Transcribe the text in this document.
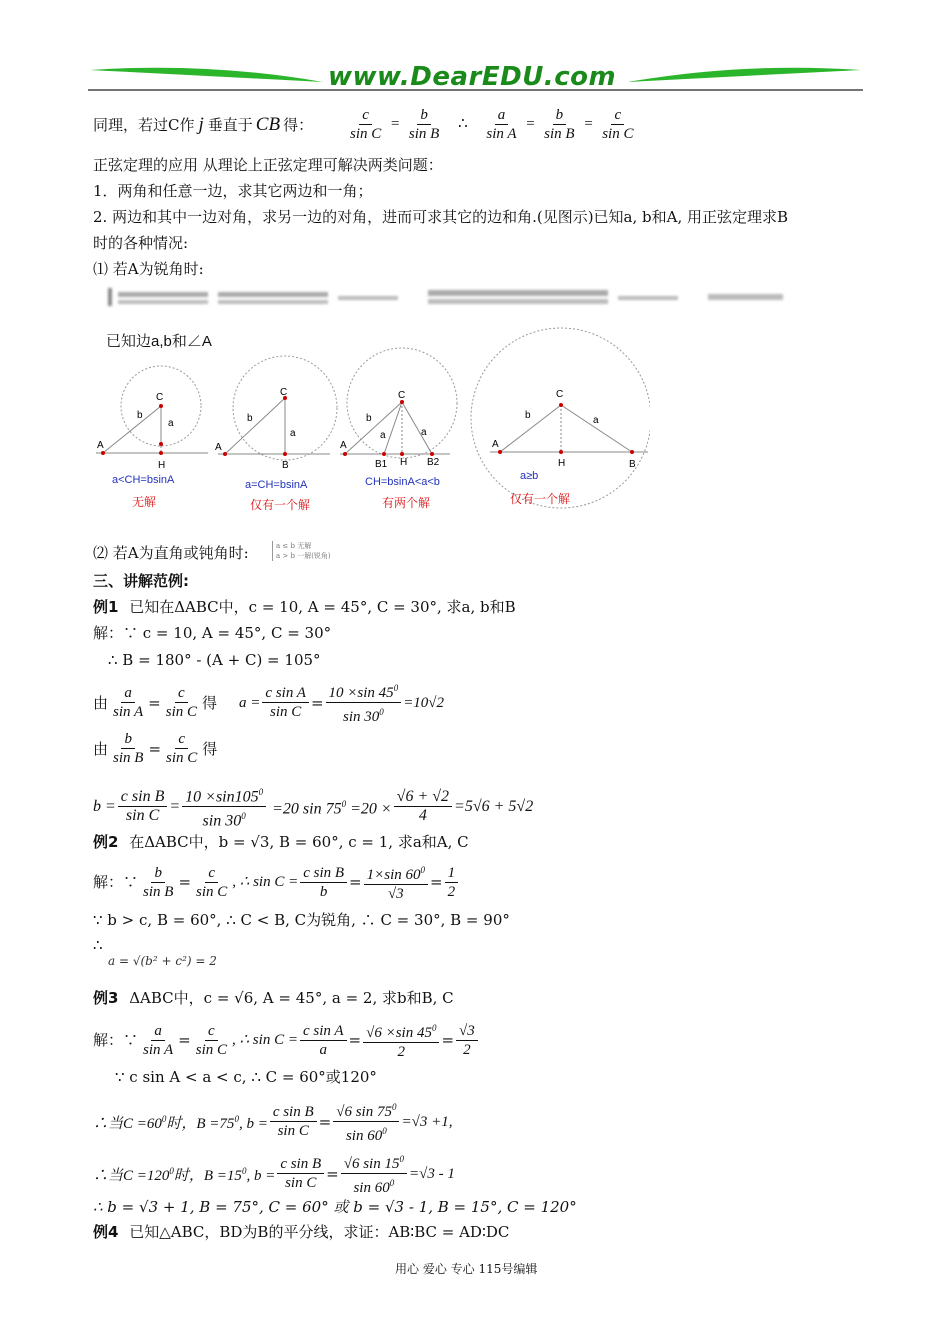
www.DearEDU.com
同理，若过C作 j 垂直于 CB 得： $\frac{c}{\text{sin C}} = \frac{b}{\text{sin B}}$ ∴ $\frac{a}{\text{sin A}} = \frac{b}{\text{sin B}} = \frac{c}{\text{sin C}}$
正弦定理的应用 从理论上正弦定理可解决两类问题：
1．两角和任意一边，求其它两边和一角；
2. 两边和其中一边对角，求另一边的对角，进而可求其它的边和角.(见图示)已知a, b和A, 用正弦定理求B
时的各种情况:
⑴ 若A为锐角时:
已知边a,b和∠A
A
C
H
b
a
A
C
B
b
a
A
C
B1 H B2
b
a	a
A
C
H	B
b	a
a<CH=bsinA
无解
a=CH=bsinA
仅有一个解
CH=bsinA<a<b
有两个解
a≥b
仅有一个解
⑵ 若A为直角或钝角时:	a ≤ b 无解
a > b 一解(锐角)
三、讲解范例:
例1 已知在ΔABC中，c = 10, A = 45°, C = 30°, 求a, b和B
解：∵ c = 10, A = 45°, C = 30°
∴ B = 180° - (A + C) = 105°
由 $\frac{a}{\text{sin A}} = \frac{c}{\text{sin C}}$ 得 $a = \frac{\text{c sin A}}{\text{sin C}} = \frac{10 \times\sin 45^0}{\sin 30^0} =10√2$
由 $\frac{b}{\text{sin B}} = \frac{c}{\text{sin C}}$ 得
$b = \frac{\text{c sin B}}{\text{sin C}} = \frac{10 \times\sin 105^0}{\sin 30^0} =20$ $\sin 75^0 =20 \times \frac{√6 + √2}{4} =5√6 + 5√2$
例2 在ΔABC中，b = √3, B = 60°, c = 1, 求a和A, C
解：∵ $\frac{b}{\text{sin B}} = \frac{c}{\text{sin C}}$ , ∴ $\sin C = \frac{\text{c sin B}}{b} = \frac{1\times\sin 60^0}{√3} = \frac{1}{2}$
∵ b > c, B = 60°, ∴ C < B, C为锐角, ∴ C = 30°, B = 90°
∴
a = √(b² + c²) = 2
例3 ΔABC中，c = √6, A = 45°, a = 2, 求b和B, C
解：∵ $\frac{a}{\text{sin A}} = \frac{c}{\text{sin C}}$ , ∴ $\sin C = \frac{\text{c sin A}}{a} = \frac{√6 \times\sin 45^0}{2} = \frac{√3}{2}$
∵ c sin A < a < c, ∴ C = 60°或120°
∴当$C =60^0$时，$B =75^0$, $b = \frac{\text{c sin B}}{\text{sin C}} = \frac{√6 \sin 75^0}{\sin 60^0} =√3 +1$,
∴当$C =120^0$时，$B =15^0$, $b = \frac{\text{c sin B}}{\text{sin C}} = \frac{√6 \sin 15^0}{\sin 60^0} =√3 - 1$
∴ b = √3 + 1, B = 75°, C = 60° 或 b = √3 - 1, B = 15°, C = 120°
例4 已知△ABC，BD为B的平分线，求证：AB∶BC = AD∶DC
用心 爱心 专心 115号编辑
